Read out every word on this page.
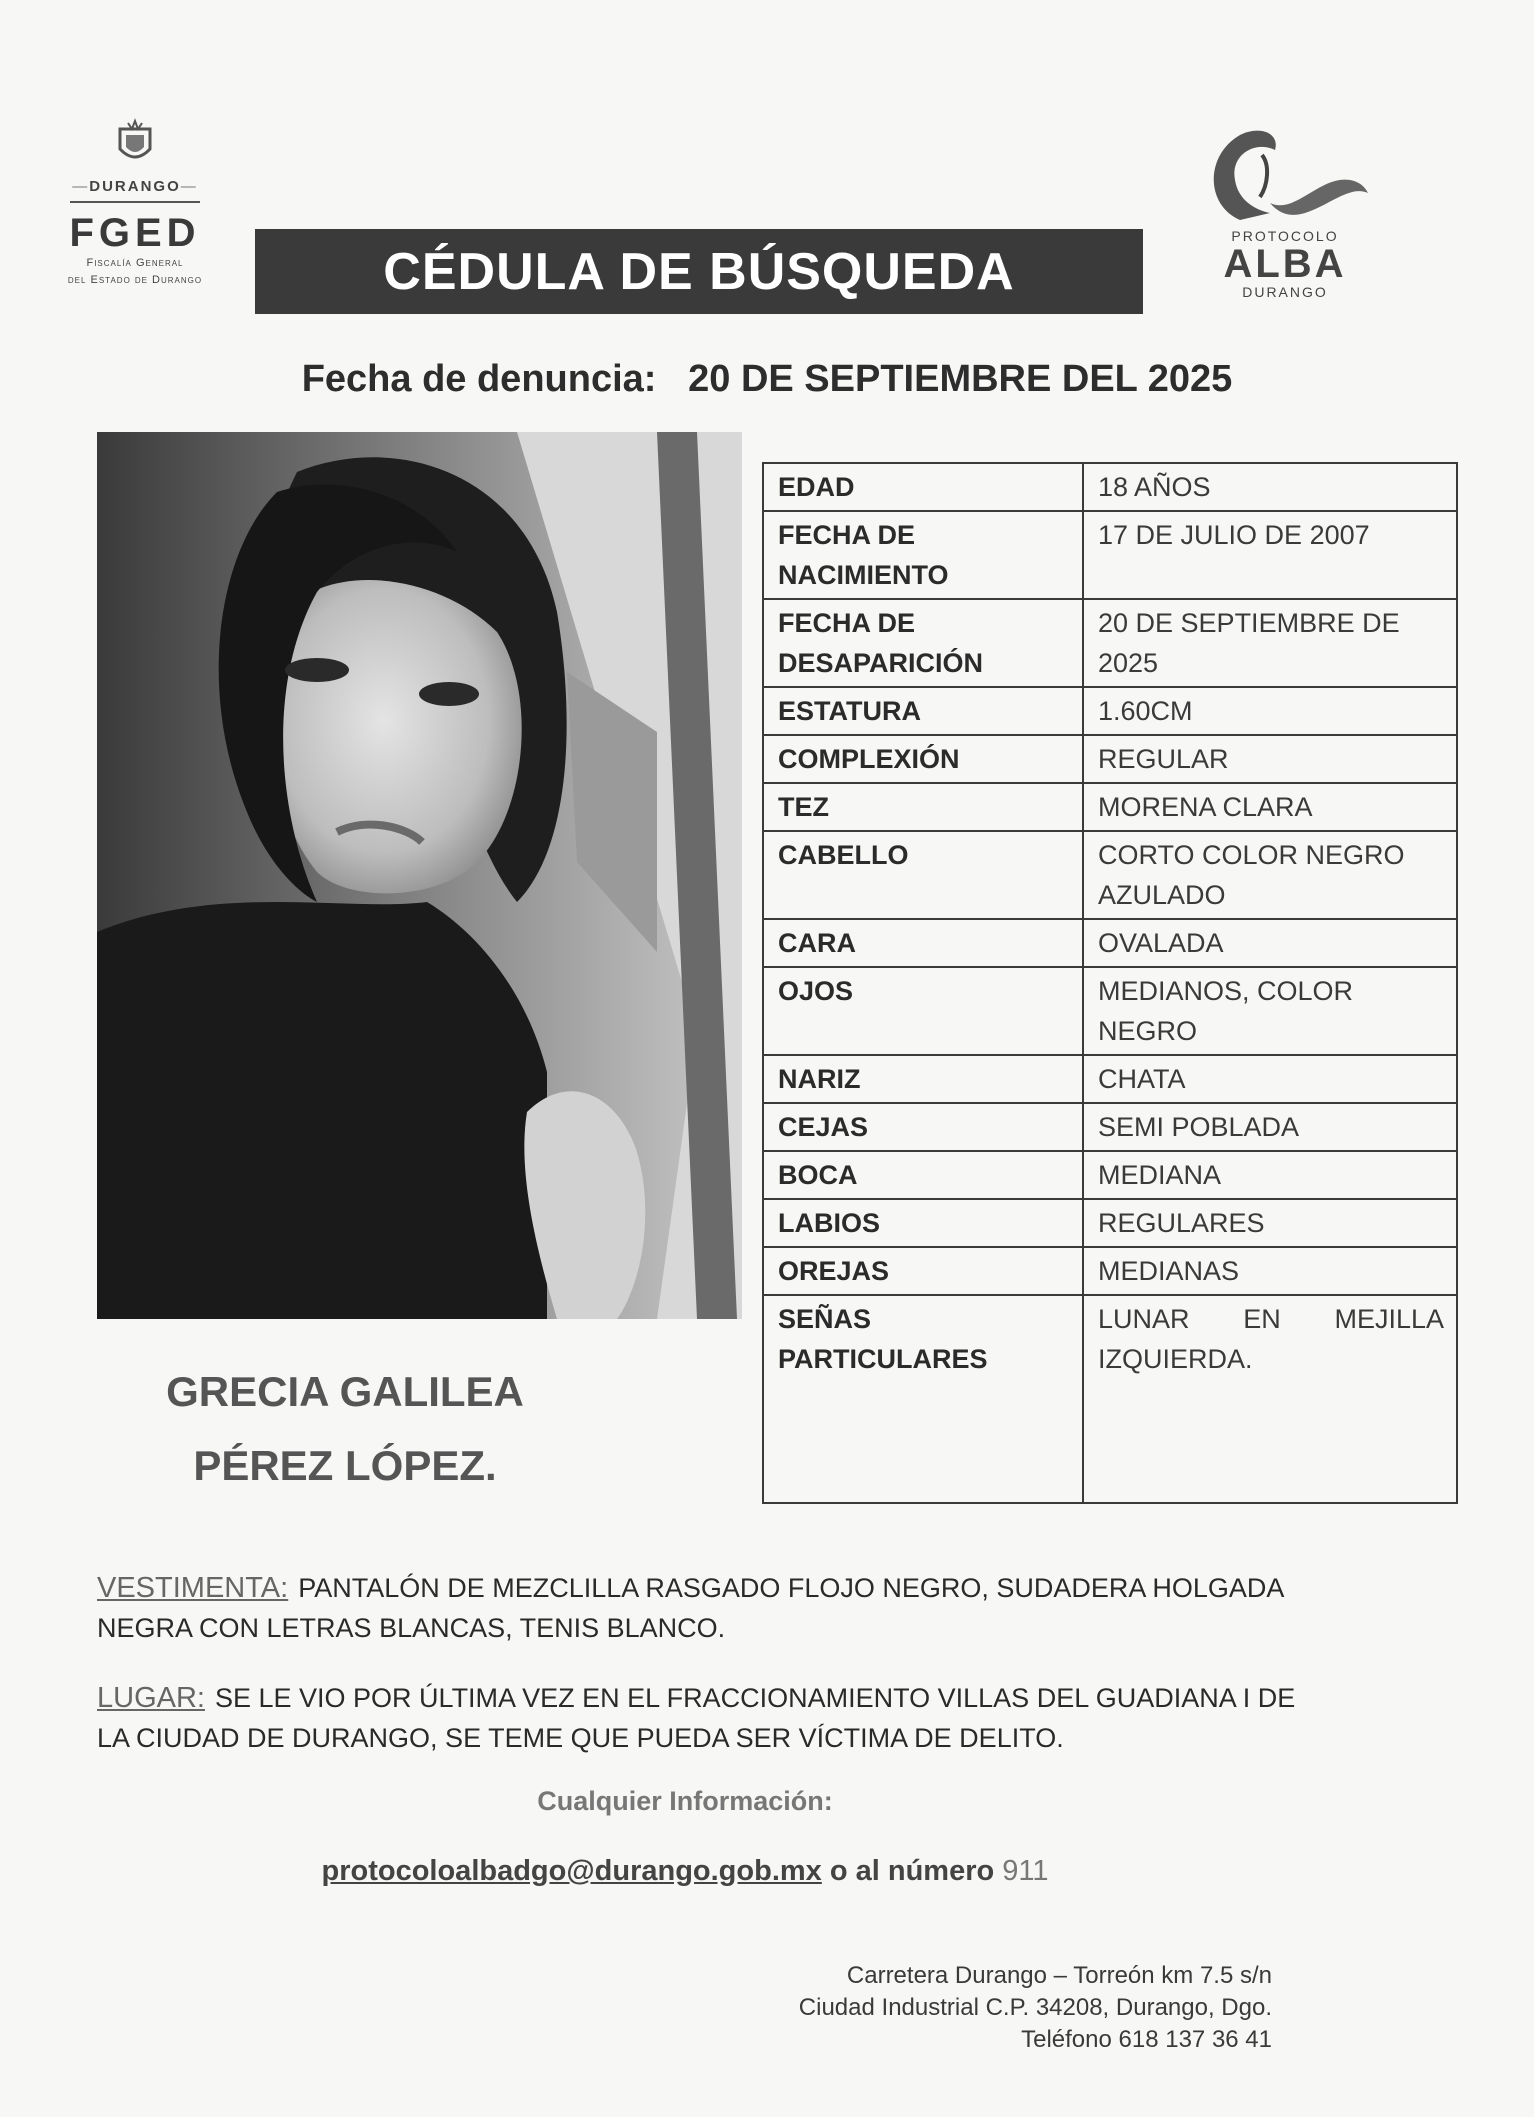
— DURANGO —
FGED
Fiscalía General
del Estado de Durango	CÉDULA DE BÚSQUEDA
PROTOCOLO
ALBA
DURANGO
Fecha de denuncia: 20 DE SEPTIEMBRE DEL 2025
EDAD	18 AÑOS
FECHA DE NACIMIENTO	17 DE JULIO DE 2007
FECHA DE DESAPARICIÓN	20 DE SEPTIEMBRE DE 2025
ESTATURA	1.60CM
COMPLEXIÓN	REGULAR
TEZ	MORENA CLARA
CABELLO	CORTO COLOR NEGRO AZULADO
CARA	OVALADA
OJOS	MEDIANOS, COLOR NEGRO
NARIZ	CHATA
CEJAS	SEMI POBLADA
BOCA	MEDIANA
LABIOS	REGULARES
OREJAS	MEDIANAS
SEÑAS PARTICULARES	LUNAR EN MEJILLA IZQUIERDA.
GRECIA GALILEA
PÉREZ LÓPEZ.
VESTIMENTA: PANTALÓN DE MEZCLILLA RASGADO FLOJO NEGRO, SUDADERA HOLGADA NEGRA CON LETRAS BLANCAS, TENIS BLANCO.
LUGAR: SE LE VIO POR ÚLTIMA VEZ EN EL FRACCIONAMIENTO VILLAS DEL GUADIANA I DE LA CIUDAD DE DURANGO, SE TEME QUE PUEDA SER VÍCTIMA DE DELITO.
Cualquier Información:
protocoloalbadgo@durango.gob.mx o al número 911
Carretera Durango – Torreón km 7.5 s/n
Ciudad Industrial C.P. 34208, Durango, Dgo.
Teléfono 618 137 36 41
